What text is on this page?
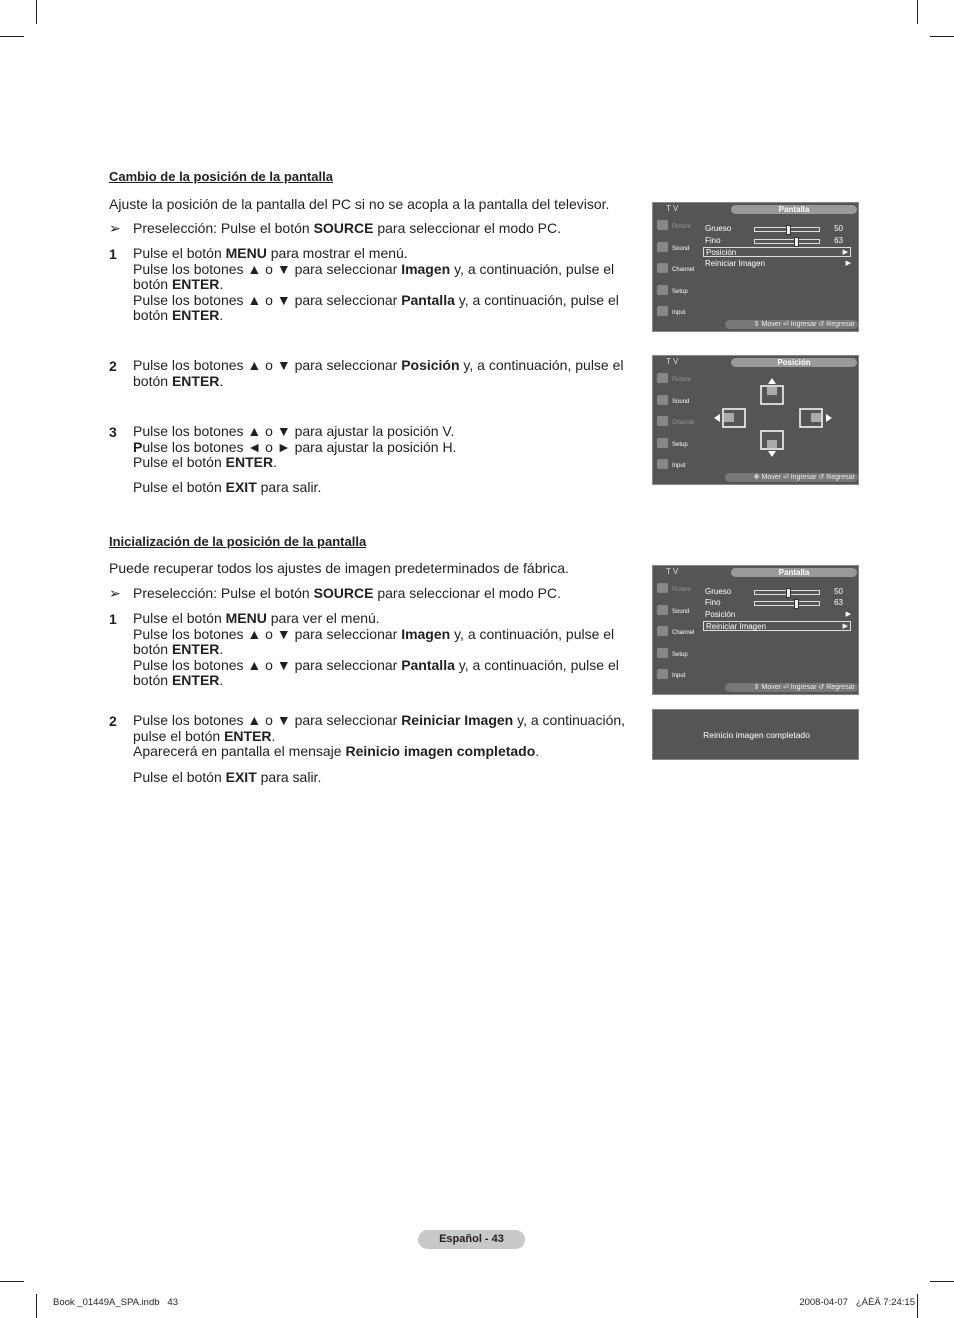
Cambio de la posición de la pantalla
Ajuste la posición de la pantalla del PC si no se acopla a la pantalla del televisor.
➢ Preselección: Pulse el botón SOURCE para seleccionar el modo PC.
1 Pulse el botón MENU para mostrar el menú.
Pulse los botones ▲ o ▼ para seleccionar Imagen y, a continuación, pulse el
botón ENTER.
Pulse los botones ▲ o ▼ para seleccionar Pantalla y, a continuación, pulse el
botón ENTER.
2 Pulse los botones ▲ o ▼ para seleccionar Posición y, a continuación, pulse el
botón ENTER.
3 Pulse los botones ▲ o ▼ para ajustar la posición V.
Pulse los botones ◄ o ► para ajustar la posición H.
Pulse el botón ENTER.
Pulse el botón EXIT para salir.
Inicialización de la posición de la pantalla
Puede recuperar todos los ajustes de imagen predeterminados de fábrica.
➢ Preselección: Pulse el botón SOURCE para seleccionar el modo PC.
1 Pulse el botón MENU para ver el menú.
Pulse los botones ▲ o ▼ para seleccionar Imagen y, a continuación, pulse el
botón ENTER.
Pulse los botones ▲ o ▼ para seleccionar Pantalla y, a continuación, pulse el
botón ENTER.
2 Pulse los botones ▲ o ▼ para seleccionar Reiniciar Imagen y, a continuación,
pulse el botón ENTER.
Aparecerá en pantalla el mensaje Reinicio imagen completado.
Pulse el botón EXIT para salir.
T V	Pantalla
Picture
Sound
Channel
Setup
Input
Grueso	50
Fino	63
Posición	▶
Reiniciar Imagen	▶
⇕ Mover ⏎ Ingresar ↺ Regresar
T V	Posición
Picture
Sound
Channel
Setup
Input
✥ Mover ⏎ Ingresar ↺ Regresar
T V	Pantalla
Picture
Sound
Channel
Setup
Input
Grueso	50
Fino	63
Posición	▶
Reiniciar Imagen	▶
⇕ Mover ⏎ Ingresar ↺ Regresar
Reinicio imagen completado
Español - 43
Book _01449A_SPA.indb   43	2008-04-07   ¿ÀÈÄ 7:24:15
